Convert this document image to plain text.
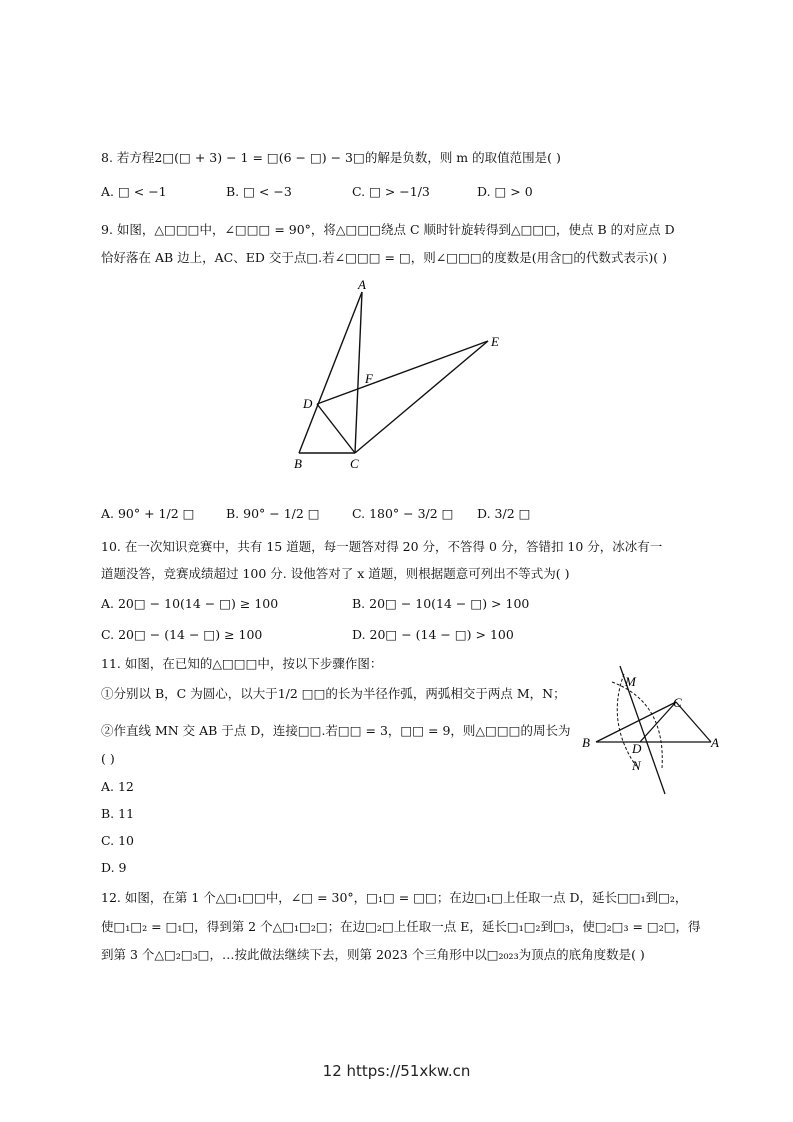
8. 若方程2□(□ + 3) − 1 = □(6 − □) − 3□的解是负数，则 m 的取值范围是( )
A. □ < −1	B. □ < −3	C. □ > −1/3	D. □ > 0
9. 如图，△□□□中，∠□□□ = 90°，将△□□□绕点 C 顺时针旋转得到△□□□，使点 B 的对应点 D
恰好落在 AB 边上，AC、ED 交于点□.若∠□□□ = □，则∠□□□的度数是(用含□的代数式表示)( )
A
B	C
D
E
F
A. 90° + 1/2 □	B. 90° − 1/2 □	C. 180° − 3/2 □ D. 3/2 □
10. 在一次知识竞赛中，共有 15 道题，每一题答对得 20 分，不答得 0 分，答错扣 10 分，冰冰有一
道题没答，竞赛成绩超过 100 分. 设他答对了 x 道题，则根据题意可列出不等式为( )
A. 20□ − 10(14 − □) ≥ 100	B. 20□ − 10(14 − □) > 100
C. 20□ − (14 − □) ≥ 100	D. 20□ − (14 − □) > 100
11. 如图，在已知的△□□□中，按以下步骤作图：
①分别以 B，C 为圆心，以大于1/2 □□的长为半径作弧，两弧相交于两点 M，N；
②作直线 MN 交 AB 于点 D，连接□□.若□□ = 3，□□ = 9，则△□□□的周长为
( )
A. 12
B. 11
C. 10
D. 9
M
C
B	D	A
N
12. 如图，在第 1 个△□₁□□中，∠□ = 30°，□₁□ = □□；在边□₁□上任取一点 D，延长□□₁到□₂，
使□₁□₂ = □₁□，得到第 2 个△□₁□₂□；在边□₂□上任取一点 E，延长□₁□₂到□₃，使□₂□₃ = □₂□，得
到第 3 个△□₂□₃□，…按此做法继续下去，则第 2023 个三角形中以□₂₀₂₃为顶点的底角度数是( )
12 https://51xkw.cn
